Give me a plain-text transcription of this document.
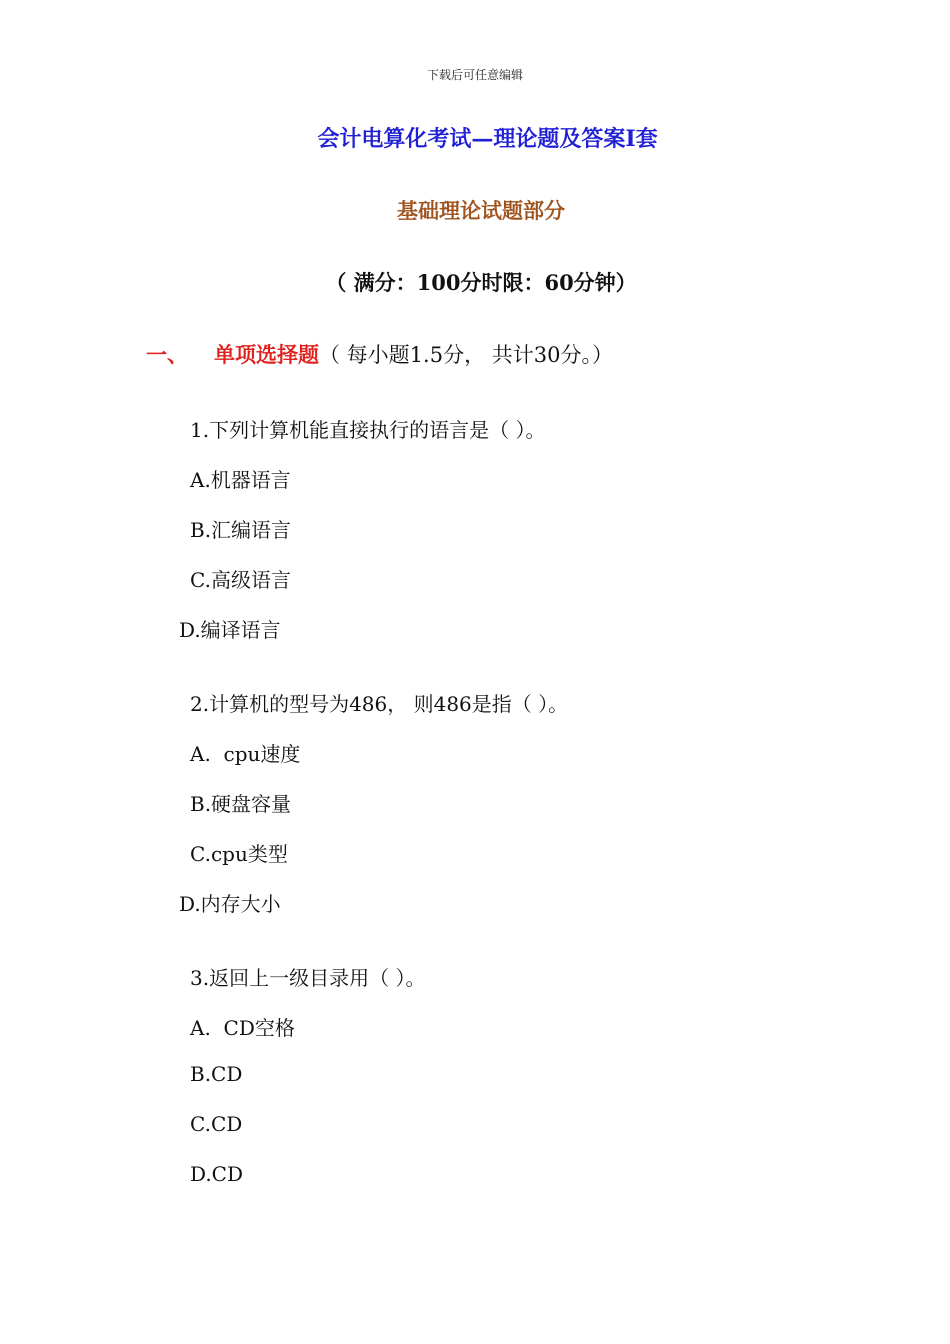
下载后可任意编辑
会计电算化考试—理论题及答案Ⅰ套
基础理论试题部分
（ 满分：100分时限：60分钟）
一、 单项选择题（ 每小题1.5分， 共计30分。）
1.下列计算机能直接执行的语言是（ ）。
A.机器语言
B.汇编语言
C.高级语言
D.编译语言
2.计算机的型号为486， 则486是指（ ）。
A.  cpu速度
B.硬盘容量
C.cpu类型
D.内存大小
3.返回上一级目录用（ ）。
A.  CD空格
B.CD
C.CD
D.CD
